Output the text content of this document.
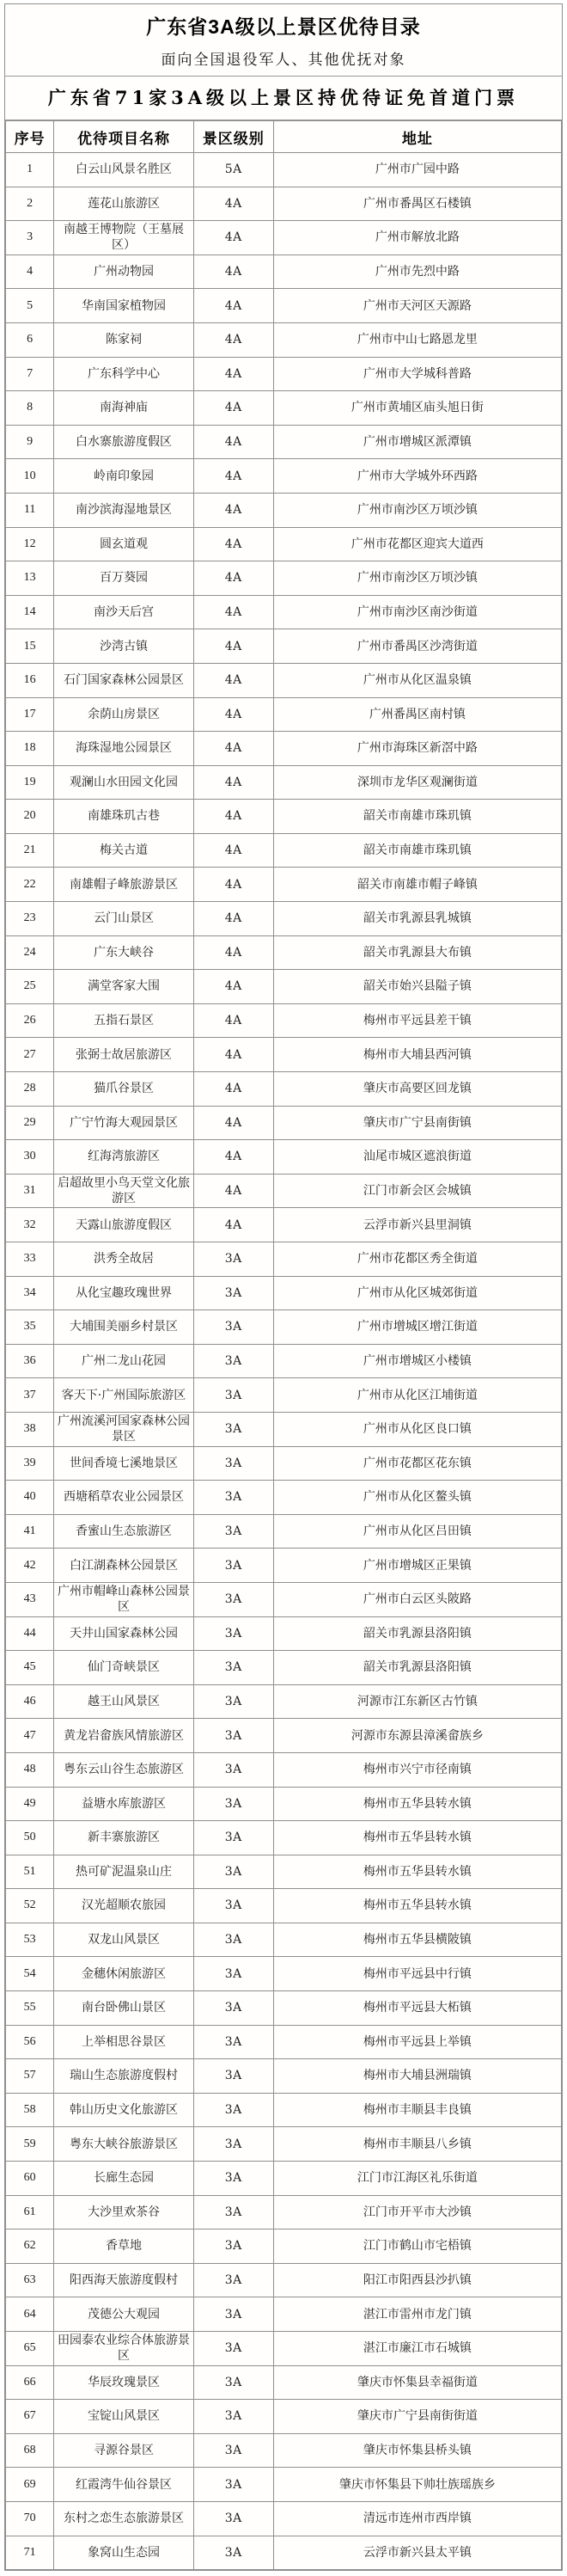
广东省3A级以上景区优待目录
面向全国退役军人、其他优抚对象
广东省71家3A级以上景区持优待证免首道门票
序号	优待项目名称	景区级别	地址
1	白云山风景名胜区	5A	广州市广园中路
2	莲花山旅游区	4A	广州市番禺区石楼镇
3	南越王博物院（王墓展区）	4A	广州市解放北路
4	广州动物园	4A	广州市先烈中路
5	华南国家植物园	4A	广州市天河区天源路
6	陈家祠	4A	广州市中山七路恩龙里
7	广东科学中心	4A	广州市大学城科普路
8	南海神庙	4A	广州市黄埔区庙头旭日街
9	白水寨旅游度假区	4A	广州市增城区派潭镇
10	岭南印象园	4A	广州市大学城外环西路
11	南沙滨海湿地景区	4A	广州市南沙区万顷沙镇
12	圆玄道观	4A	广州市花都区迎宾大道西
13	百万葵园	4A	广州市南沙区万顷沙镇
14	南沙天后宫	4A	广州市南沙区南沙街道
15	沙湾古镇	4A	广州市番禺区沙湾街道
16	石门国家森林公园景区	4A	广州市从化区温泉镇
17	余荫山房景区	4A	广州番禺区南村镇
18	海珠湿地公园景区	4A	广州市海珠区新滘中路
19	观澜山水田园文化园	4A	深圳市龙华区观澜街道
20	南雄珠玑古巷	4A	韶关市南雄市珠玑镇
21	梅关古道	4A	韶关市南雄市珠玑镇
22	南雄帽子峰旅游景区	4A	韶关市南雄市帽子峰镇
23	云门山景区	4A	韶关市乳源县乳城镇
24	广东大峡谷	4A	韶关市乳源县大布镇
25	满堂客家大围	4A	韶关市始兴县隘子镇
26	五指石景区	4A	梅州市平远县差干镇
27	张弼士故居旅游区	4A	梅州市大埔县西河镇
28	猫爪谷景区	4A	肇庆市高要区回龙镇
29	广宁竹海大观园景区	4A	肇庆市广宁县南街镇
30	红海湾旅游区	4A	汕尾市城区遮浪街道
31	启超故里小鸟天堂文化旅游区	4A	江门市新会区会城镇
32	天露山旅游度假区	4A	云浮市新兴县里洞镇
33	洪秀全故居	3A	广州市花都区秀全街道
34	从化宝趣玫瑰世界	3A	广州市从化区城郊街道
35	大埔围美丽乡村景区	3A	广州市增城区增江街道
36	广州二龙山花园	3A	广州市增城区小楼镇
37	客天下·广州国际旅游区	3A	广州市从化区江埔街道
38	广州流溪河国家森林公园景区	3A	广州市从化区良口镇
39	世间香境七溪地景区	3A	广州市花都区花东镇
40	西塘稻草农业公园景区	3A	广州市从化区鳌头镇
41	香蜜山生态旅游区	3A	广州市从化区吕田镇
42	白江湖森林公园景区	3A	广州市增城区正果镇
43	广州市帽峰山森林公园景区	3A	广州市白云区头陂路
44	天井山国家森林公园	3A	韶关市乳源县洛阳镇
45	仙门奇峡景区	3A	韶关市乳源县洛阳镇
46	越王山风景区	3A	河源市江东新区古竹镇
47	黄龙岩畲族风情旅游区	3A	河源市东源县漳溪畲族乡
48	粤东云山谷生态旅游区	3A	梅州市兴宁市径南镇
49	益塘水库旅游区	3A	梅州市五华县转水镇
50	新丰寨旅游区	3A	梅州市五华县转水镇
51	热可矿泥温泉山庄	3A	梅州市五华县转水镇
52	汉光超顺农旅园	3A	梅州市五华县转水镇
53	双龙山风景区	3A	梅州市五华县横陂镇
54	金穗休闲旅游区	3A	梅州市平远县中行镇
55	南台卧佛山景区	3A	梅州市平远县大柘镇
56	上举相思谷景区	3A	梅州市平远县上举镇
57	瑞山生态旅游度假村	3A	梅州市大埔县洲瑞镇
58	韩山历史文化旅游区	3A	梅州市丰顺县丰良镇
59	粤东大峡谷旅游景区	3A	梅州市丰顺县八乡镇
60	长廊生态园	3A	江门市江海区礼乐街道
61	大沙里欢茶谷	3A	江门市开平市大沙镇
62	香草地	3A	江门市鹤山市宅梧镇
63	阳西海天旅游度假村	3A	阳江市阳西县沙扒镇
64	茂德公大观园	3A	湛江市雷州市龙门镇
65	田园泰农业综合体旅游景区	3A	湛江市廉江市石城镇
66	华辰玫瑰景区	3A	肇庆市怀集县幸福街道
67	宝锭山风景区	3A	肇庆市广宁县南街街道
68	寻源谷景区	3A	肇庆市怀集县桥头镇
69	红霞湾牛仙谷景区	3A	肇庆市怀集县下帅壮族瑶族乡
70	东村之恋生态旅游景区	3A	清远市连州市西岸镇
71	象窝山生态园	3A	云浮市新兴县太平镇
